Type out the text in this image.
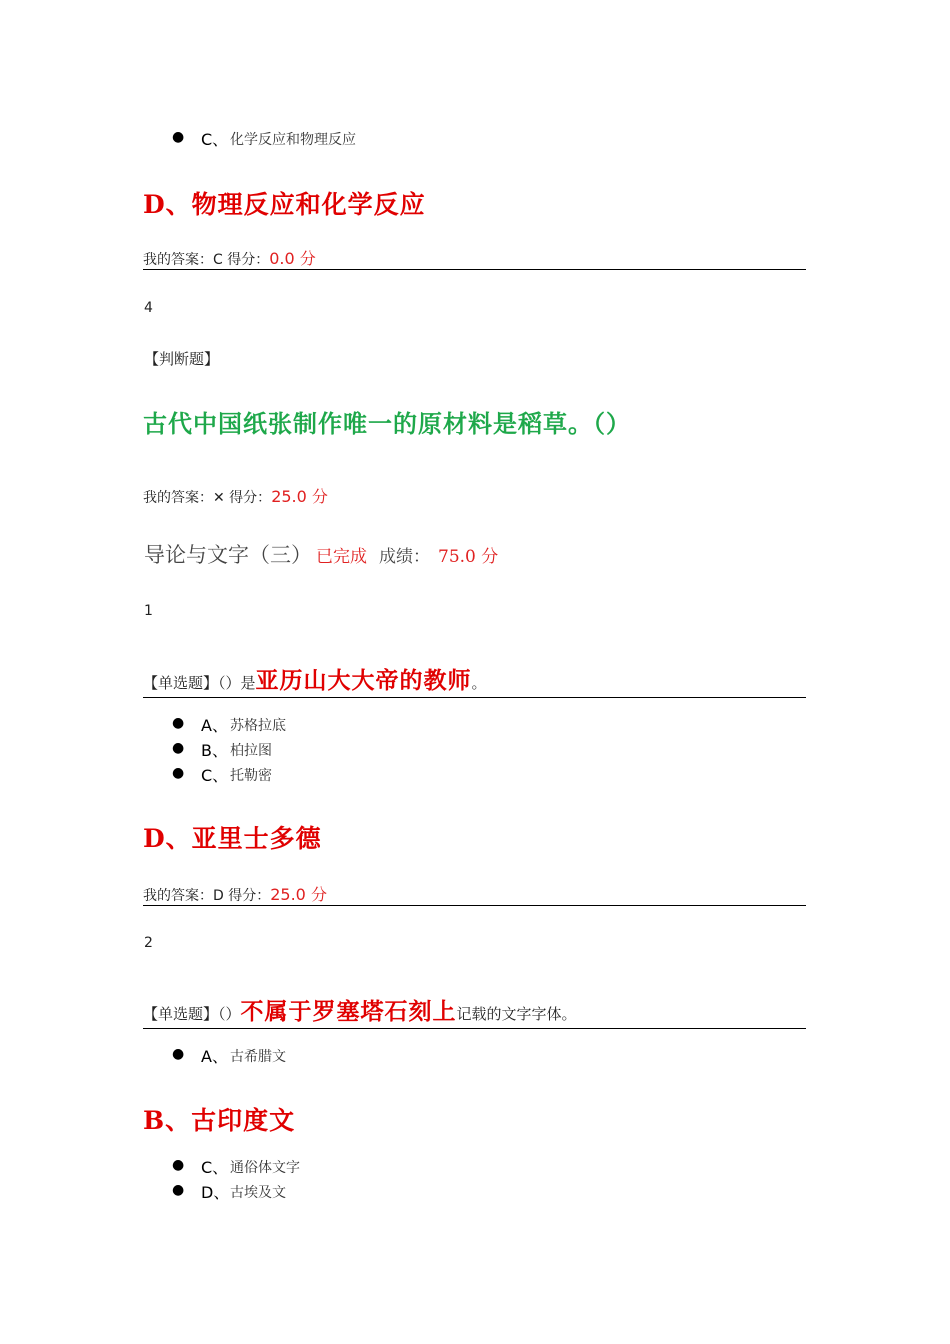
● C、 化学反应和物理反应
D、物理反应和化学反应
我的答案：C 得分：0.0 分
4
【判断题】
古代中国纸张制作唯一的原材料是稻草。（）
我的答案：✕ 得分：25.0 分
导论与文字（三） 已完成 成绩： 75.0 分
1
【单选题】（）是亚历山大大帝的教师。
● A、 苏格拉底
● B、 柏拉图
● C、 托勒密
D、亚里士多德
我的答案：D 得分：25.0 分
2
【单选题】（）不属于罗塞塔石刻上记载的文字字体。
● A、 古希腊文
B、古印度文
● C、 通俗体文字
● D、 古埃及文
